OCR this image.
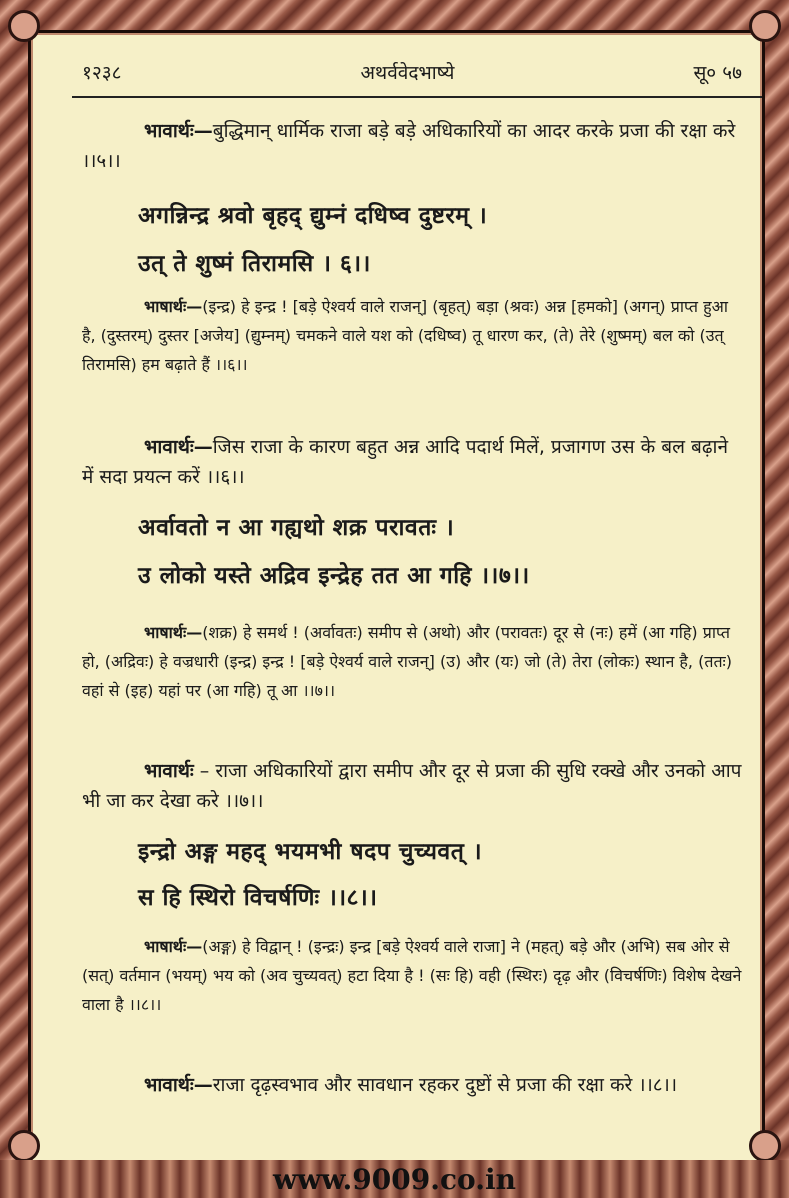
१२३८	अथर्ववेदभाष्ये	सू० ५७
भावार्थः—बुद्धिमान् धार्मिक राजा बड़े बड़े अधिकारियों का आदर करके प्रजा की रक्षा करे ।।५।।
अगन्निन्द्र श्रवो बृहद् द्युम्नं दधिष्व दुष्टरम् ।
उत् ते शुष्मं तिरामसि । ६।।
भाषार्थः—(इन्द्र) हे इन्द्र ! [बड़े ऐश्वर्य वाले राजन्] (बृहत्) बड़ा (श्रवः) अन्न [हमको] (अगन्) प्राप्त हुआ है, (दुस्तरम्) दुस्तर [अजेय] (द्युम्नम्) चमकने वाले यश को (दधिष्व) तू धारण कर, (ते) तेरे (शुष्मम्) बल को (उत् तिरामसि) हम बढ़ाते हैं ।।६।।
भावार्थः—जिस राजा के कारण बहुत अन्न आदि पदार्थ मिलें, प्रजागण उस के बल बढ़ाने में सदा प्रयत्न करें ।।६।।
अर्वावतो न आ गह्यथो शक्र परावतः ।
उ लोको यस्ते अद्रिव इन्द्रेह तत आ गहि ।।७।।
भाषार्थः—(शक्र) हे समर्थ ! (अर्वावतः) समीप से (अथो) और (परावतः) दूर से (नः) हमें (आ गहि) प्राप्त हो, (अद्रिवः) हे वज्रधारी (इन्द्र) इन्द्र ! [बड़े ऐश्वर्य वाले राजन्] (उ) और (यः) जो (ते) तेरा (लोकः) स्थान है, (ततः) वहां से (इह) यहां पर (आ गहि) तू आ ।।७।।
भावार्थः – राजा अधिकारियों द्वारा समीप और दूर से प्रजा की सुधि रक्खे और उनको आप भी जा कर देखा करे ।।७।।
इन्द्रो अङ्ग महद् भयमभी षदप चुच्यवत् ।
स हि स्थिरो विचर्षणिः ।।८।।
भाषार्थः—(अङ्ग) हे विद्वान् ! (इन्द्रः) इन्द्र [बड़े ऐश्वर्य वाले राजा] ने (महत्) बड़े और (अभि) सब ओर से (सत्) वर्तमान (भयम्) भय को (अव चुच्यवत्) हटा दिया है ! (सः हि) वही (स्थिरः) दृढ़ और (विचर्षणिः) विशेष देखने वाला है ।।८।।
भावार्थः—राजा दृढ़स्वभाव और सावधान रहकर दुष्टों से प्रजा की रक्षा करे ।।८।।
www.9009.co.in
